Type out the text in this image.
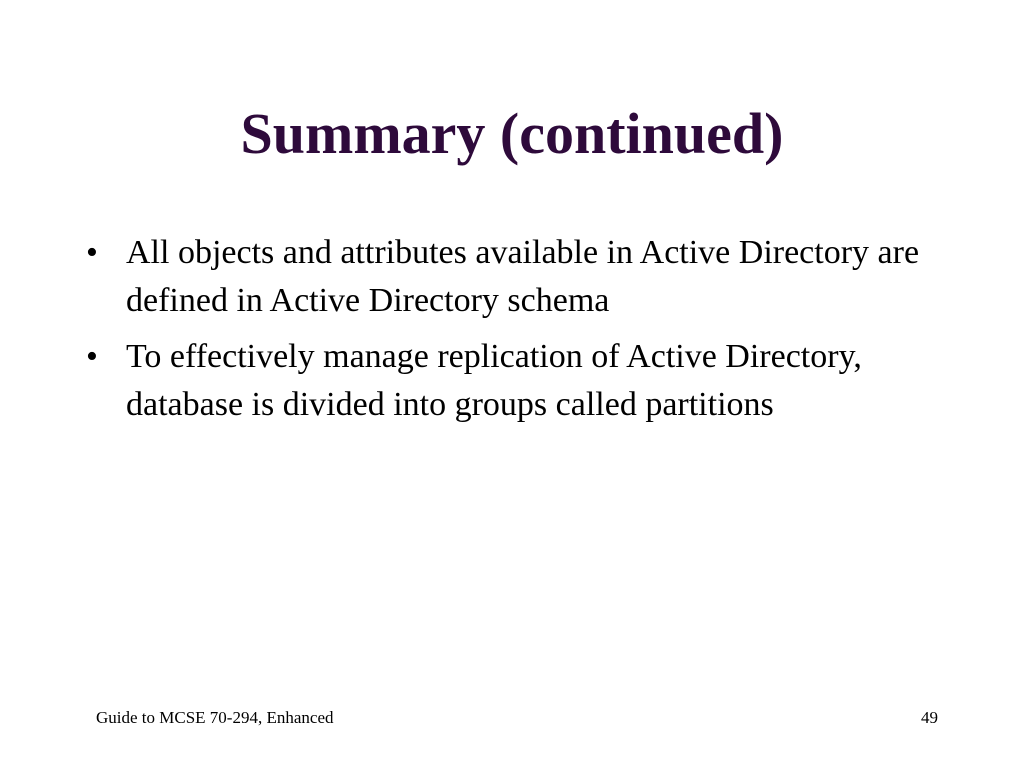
Summary (continued)
• All objects and attributes available in Active Directory are defined in Active Directory schema
• To effectively manage replication of Active Directory, database is divided into groups called partitions
Guide to MCSE 70-294, Enhanced	49
